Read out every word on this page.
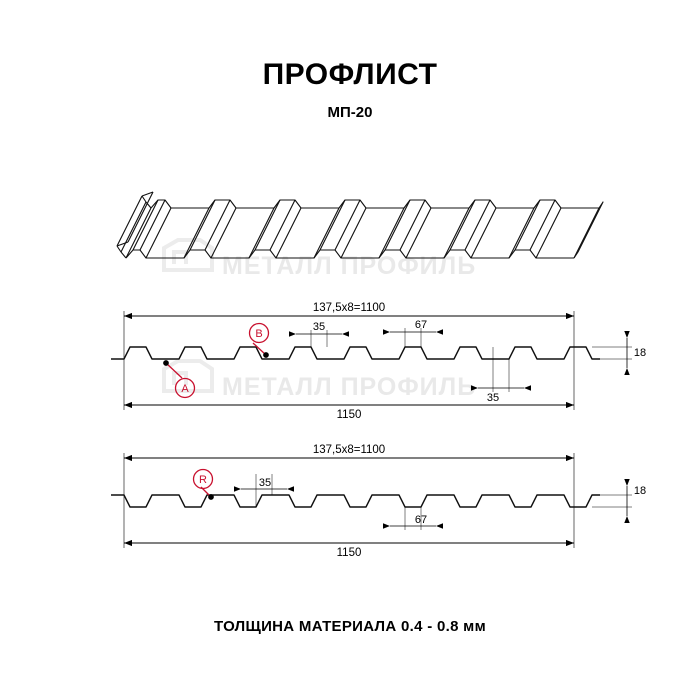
ПРОФЛИСТ
МП-20
МЕТАЛЛ ПРОФИЛЬ
МЕТАЛЛ ПРОФИЛЬ
137,5x8=1100
35
35	67
18
1150
A
B
137,5x8=1100
35
67
18
1150
R
ТОЛЩИНА МАТЕРИАЛА 0.4 - 0.8 мм
